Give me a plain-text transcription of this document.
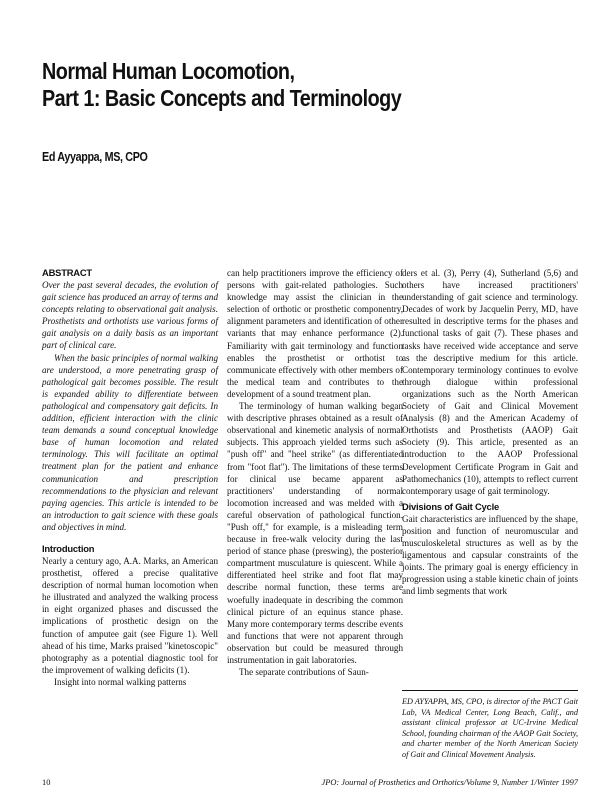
Normal Human Locomotion,
Part 1: Basic Concepts and Terminology
Ed Ayyappa, MS, CPO
ABSTRACT

Over the past several decades, the evolution of gait science has produced an array of terms and concepts relating to observational gait analysis. Prosthetists and orthotists use various forms of gait analysis on a daily basis as an important part of clinical care.

When the basic principles of normal walking are understood, a more penetrating grasp of pathological gait becomes possible. The result is expanded ability to differentiate between pathological and compensatory gait deficits. In addition, efficient interaction with the clinic team demands a sound conceptual knowledge base of human locomotion and related terminology. This will facilitate an optimal treatment plan for the patient and enhance communication and prescription recommendations to the physician and relevant paying agencies. This article is intended to be an introduction to gait science with these goals and objectives in mind.

Introduction

Nearly a century ago, A.A. Marks, an American prosthetist, offered a precise qualitative description of normal human locomotion when he illustrated and analyzed the walking process in eight organized phases and discussed the implications of prosthetic design on the function of amputee gait (see Figure 1). Well ahead of his time, Marks praised "kinetoscopic" photography as a potential diagnostic tool for the improvement of walking deficits (1).

Insight into normal walking patterns

can help practitioners improve the efficiency of persons with gait-related pathologies. Such knowledge may assist the clinician in the selection of orthotic or prosthetic componentry, alignment parameters and identification of other variants that may enhance performance (2). Familiarity with gait terminology and function enables the prosthetist or orthotist to communicate effectively with other members of the medical team and contributes to the development of a sound treatment plan.

The terminology of human walking began with descriptive phrases obtained as a result of observational and kinemetic analysis of normal subjects. This approach yielded terms such as "push off" and "heel strike" (as differentiated from "foot flat"). The limitations of these terms for clinical use became apparent as practitioners' understanding of normal locomotion increased and was melded with a careful observation of pathological function. "Push off," for example, is a misleading term because in free-walk velocity during the last period of stance phase (preswing), the posterior compartment musculature is quiescent. While a differentiated heel strike and foot flat may describe normal function, these terms are woefully inadequate in describing the common clinical picture of an equinus stance phase. Many more contemporary terms describe events and functions that were not apparent through observation but could be measured through instrumentation in gait laboratories.

The separate contributions of Saun-

ders et al. (3), Perry (4), Sutherland (5,6) and others have increased practitioners' understanding of gait science and terminology. Decades of work by Jacquelin Perry, MD, have resulted in descriptive terms for the phases and functional tasks of gait (7). These phases and tasks have received wide acceptance and serve as the descriptive medium for this article. Contemporary terminology continues to evolve through dialogue within professional organizations such as the North American Society of Gait and Clinical Movement Analysis (8) and the American Academy of Orthotists and Prosthetists (AAOP) Gait Society (9). This article, presented as an introduction to the AAOP Professional Development Certificate Program in Gait and Pathomechanics (10), attempts to reflect current contemporary usage of gait terminology.

Divisions of Gait Cycle

Gait characteristics are influenced by the shape, position and function of neuromuscular and musculoskeletal structures as well as by the ligamentous and capsular constraints of the joints. The primary goal is energy efficiency in progression using a stable kinetic chain of joints and limb segments that work

ED AYYAPPA, MS, CPO, is director of the PACT Gait Lab, VA Medical Center, Long Beach, Calif., and assistant clinical professor at UC-Irvine Medical School, founding chairman of the AAOP Gait Society, and charter member of the North American Society of Gait and Clinical Movement Analysis.
10	JPO: Journal of Prosthetics and Orthotics/Volume 9, Number 1/Winter 1997
